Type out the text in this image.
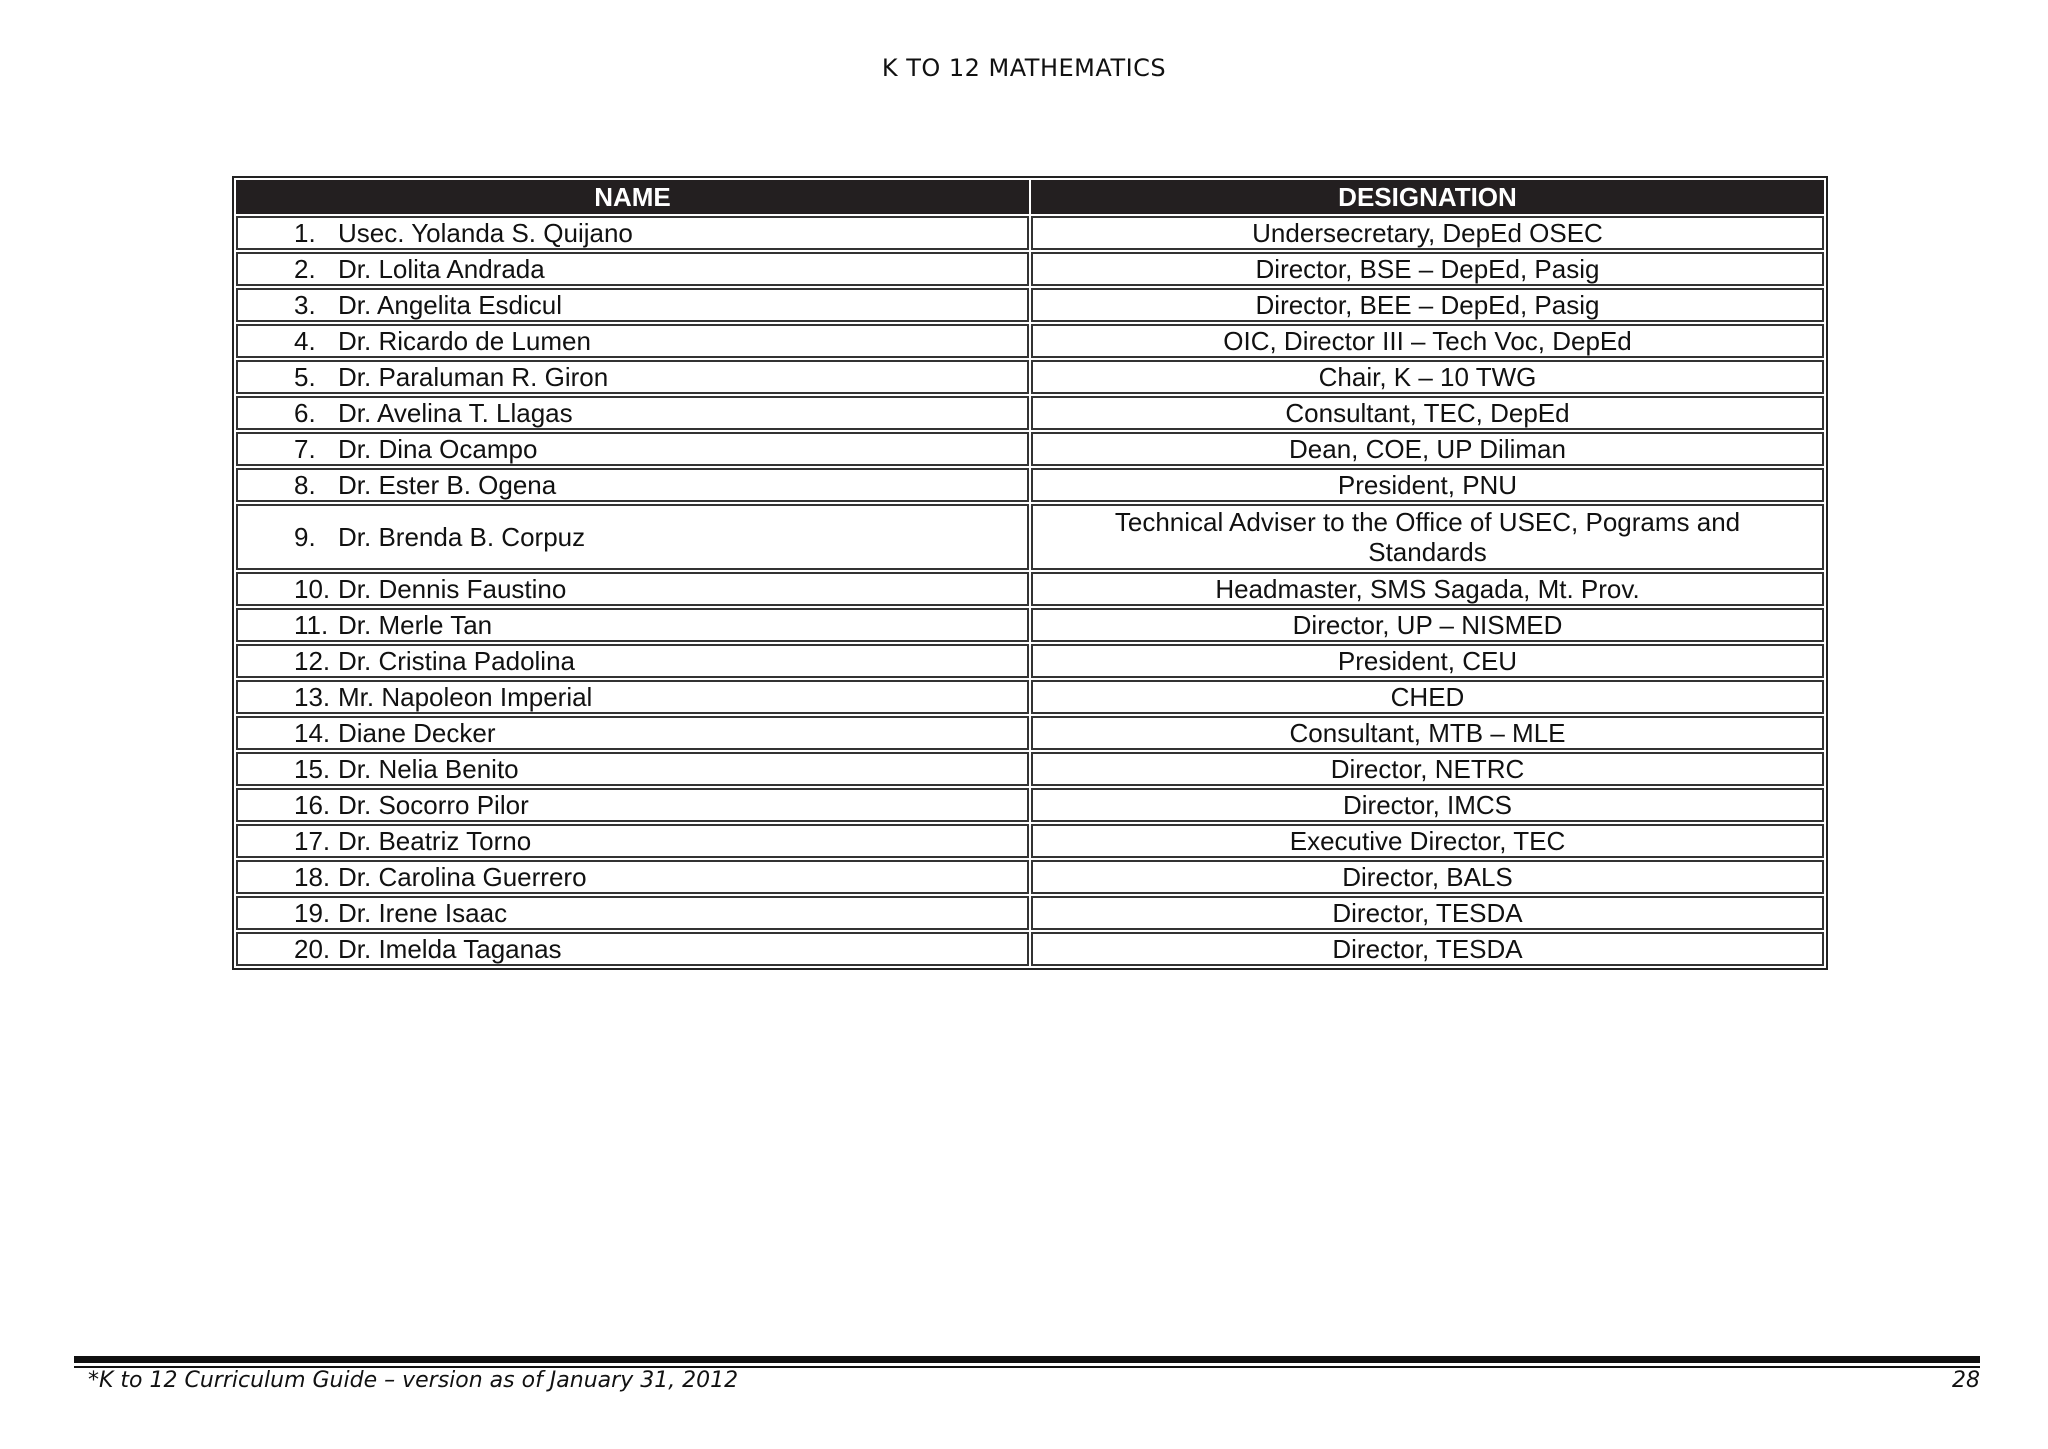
K TO 12 MATHEMATICS
NAME	DESIGNATION
1. Usec. Yolanda S. Quijano	Undersecretary, DepEd OSEC
2. Dr. Lolita Andrada	Director, BSE – DepEd, Pasig
3. Dr. Angelita Esdicul	Director, BEE – DepEd, Pasig
4. Dr. Ricardo de Lumen	OIC, Director III – Tech Voc, DepEd
5. Dr. Paraluman R. Giron	Chair, K – 10 TWG
6. Dr. Avelina T. Llagas	Consultant, TEC, DepEd
7. Dr. Dina Ocampo	Dean, COE, UP Diliman
8. Dr. Ester B. Ogena	President, PNU
9. Dr. Brenda B. Corpuz	Technical Adviser to the Office of USEC, Pograms and Standards
10. Dr. Dennis Faustino	Headmaster, SMS Sagada, Mt. Prov.
11. Dr. Merle Tan	Director, UP – NISMED
12. Dr. Cristina Padolina	President, CEU
13. Mr. Napoleon Imperial	CHED
14. Diane Decker	Consultant, MTB – MLE
15. Dr. Nelia Benito	Director, NETRC
16. Dr. Socorro Pilor	Director, IMCS
17. Dr. Beatriz Torno	Executive Director, TEC
18. Dr. Carolina Guerrero	Director, BALS
19. Dr. Irene Isaac	Director, TESDA
20. Dr. Imelda Taganas	Director, TESDA
*K to 12 Curriculum Guide – version as of January 31, 2012	28
